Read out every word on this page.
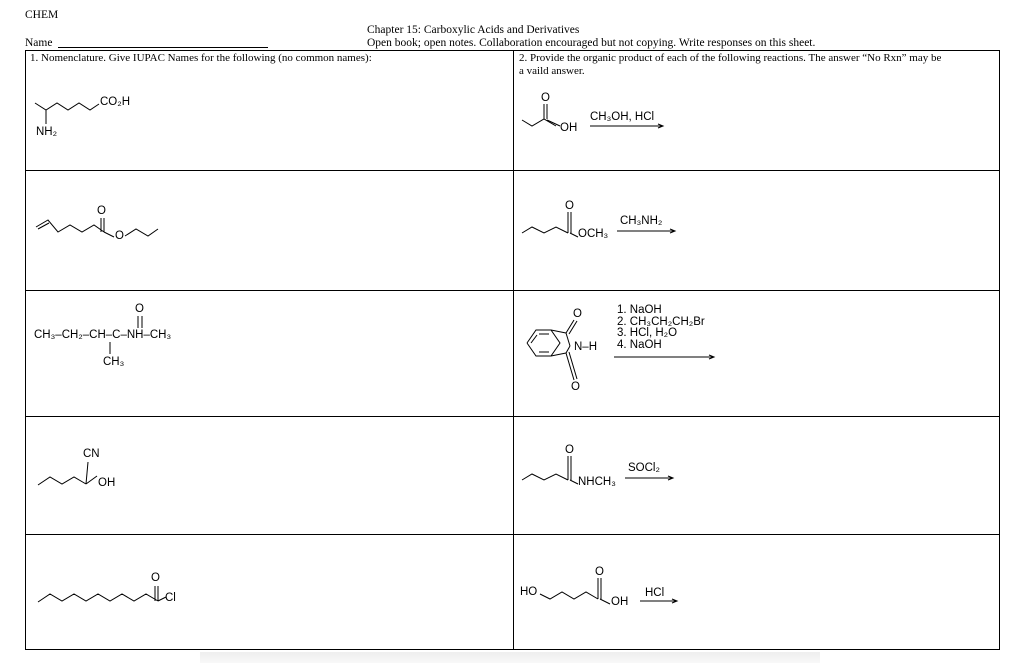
CHEM
Name
Chapter 15: Carboxylic Acids and Derivatives
Open book; open notes. Collaboration encouraged but not copying. Write responses on this sheet.
1. Nomenclature. Give IUPAC Names for the following (no common names):	2. Provide the organic product of each of the following reactions. The answer “No Rxn” may be
a vaild answer.
CO₂H
NH₂
O
O
O
CH₃–CH₂–CH–C–NH–CH₃
CH₃
CN
OH
O
Cl
O
OH
CH₃OH, HCl
O
OCH₃
CH₃NH₂
O
O
N–H
1. NaOH
2. CH₃CH₂CH₂Br
3. HCl, H₂O
4. NaOH
O
NHCH₃
SOCl₂
HO
O
OH
HCl
